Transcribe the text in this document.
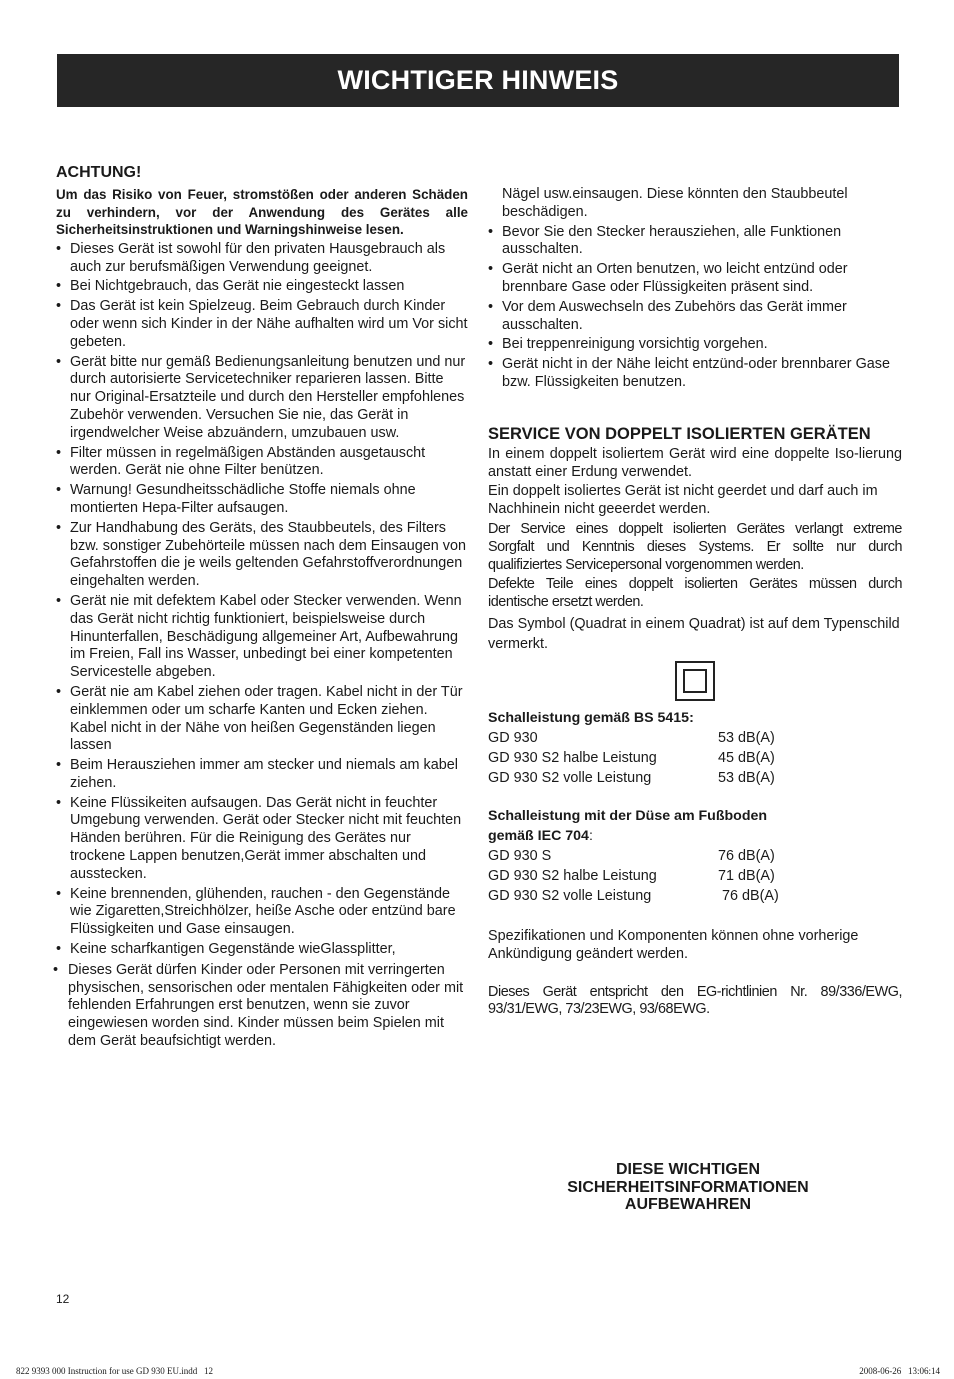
WICHTIGER HINWEIS
ACHTUNG!
Um das Risiko von Feuer, stromstößen oder anderen Schäden zu verhindern, vor der Anwendung des Gerätes alle Sicherheitsinstruktionen und Warningshinweise lesen.
• Dieses Gerät ist sowohl für den privaten Hausgebrauch als auch zur berufsmäßigen Verwendung geeignet.
• Bei Nichtgebrauch, das Gerät nie eingesteckt lassen
• Das Gerät ist kein Spielzeug. Beim Gebrauch durch Kinder oder wenn sich Kinder in der Nähe aufhalten wird um Vor sicht gebeten.
• Gerät bitte nur gemäß Bedienungsanleitung benutzen und nur durch autorisierte Servicetechniker reparieren lassen. Bitte nur Original-Ersatzteile und durch den Hersteller empfohlenes Zubehör verwenden. Versuchen Sie nie, das Gerät in irgendwelcher Weise abzuändern, umzubauen usw.
• Filter müssen in regelmäßigen Abständen ausgetauscht werden. Gerät nie ohne Filter benützen.
• Warnung! Gesundheitsschädliche Stoffe niemals ohne montierten Hepa-Filter aufsaugen.
• Zur Handhabung des Geräts, des Staubbeutels, des Filters bzw. sonstiger Zubehörteile müssen nach dem Einsaugen von Gefahrstoffen die je weils geltenden Gefahrstoffverordnungen eingehalten werden.
• Gerät nie mit defektem Kabel oder Stecker verwenden. Wenn das Gerät nicht richtig funktioniert, beispielsweise durch Hinunterfallen, Beschädigung allgemeiner Art, Aufbewahrung im Freien, Fall ins Wasser, unbedingt bei einer kompetenten Servicestelle abgeben.
• Gerät nie am Kabel ziehen oder tragen. Kabel nicht in der Tür einklemmen oder um scharfe Kanten und Ecken ziehen. Kabel nicht in der Nähe von heißen Gegenständen liegen lassen
• Beim Herausziehen immer am stecker und niemals am kabel ziehen.
• Keine Flüssikeiten aufsaugen. Das Gerät nicht in feuchter Umgebung verwenden. Gerät oder Stecker nicht mit feuchten Händen berühren. Für die Reinigung des Gerätes nur trockene Lappen benutzen,Gerät immer abschalten und ausstecken.
• Keine brennenden, glühenden, rauchen - den Gegenstände wie Zigaretten,Streichhölzer, heiße Asche oder entzünd bare Flüssigkeiten und Gase einsaugen.
• Keine scharfkantigen Gegenstände wieGlassplitter,
• Dieses Gerät dürfen Kinder oder Personen mit verringerten physischen, sensorischen oder mentalen Fähigkeiten oder mit fehlenden Erfahrungen erst benutzen, wenn sie zuvor eingewiesen worden sind. Kinder müssen beim Spielen mit dem Gerät beaufsichtigt werden.
Nägel usw.einsaugen. Diese könnten den Staubbeutel beschädigen.
• Bevor Sie den Stecker herausziehen, alle Funktionen ausschalten.
• Gerät nicht an Orten benutzen, wo leicht entzünd oder brennbare Gase oder Flüssigkeiten präsent sind.
• Vor dem Auswechseln des Zubehörs das Gerät immer ausschalten.
• Bei treppenreinigung vorsichtig vorgehen.
• Gerät nicht in der Nähe leicht entzünd-oder brennbarer Gase bzw. Flüssigkeiten benutzen.
SERVICE VON DOPPELT ISOLIERTEN GERÄTEN
In einem doppelt isoliertem Gerät wird eine doppelte Iso-lierung anstatt einer Erdung verwendet.
Ein doppelt isoliertes Gerät ist nicht geerdet und darf auch im Nachhinein nicht geeerdet werden.
Der Service eines doppelt isolierten Gerätes verlangt extreme Sorgfalt und Kenntnis dieses Systems. Er sollte nur durch qualifiziertes Servicepersonal vorgenommen werden.
Defekte Teile eines doppelt isolierten Gerätes müssen durch identische ersetzt werden.
Das Symbol (Quadrat in einem Quadrat) ist auf dem Typenschild vermerkt.
Schalleistung gemäß BS 5415:
GD 930	53 dB(A)
GD 930 S2 halbe Leistung	45 dB(A)
GD 930 S2 volle Leistung	53 dB(A)
Schalleistung mit der Düse am Fußboden
gemäß IEC 704:
GD 930 S	76 dB(A)
GD 930 S2 halbe Leistung	71 dB(A)
GD 930 S2 volle Leistung	76 dB(A)
Spezifikationen und Komponenten können ohne vorherige Ankündigung geändert werden.
Dieses Gerät entspricht den EG-richtlinien Nr. 89/336/EWG, 93/31/EWG, 73/23EWG, 93/68EWG.
DIESE WICHTIGEN
SICHERHEITSINFORMATIONEN
AUFBEWAHREN
12
822 9393 000 Instruction for use GD 930 EU.indd   12	2008-06-26   13:06:14
